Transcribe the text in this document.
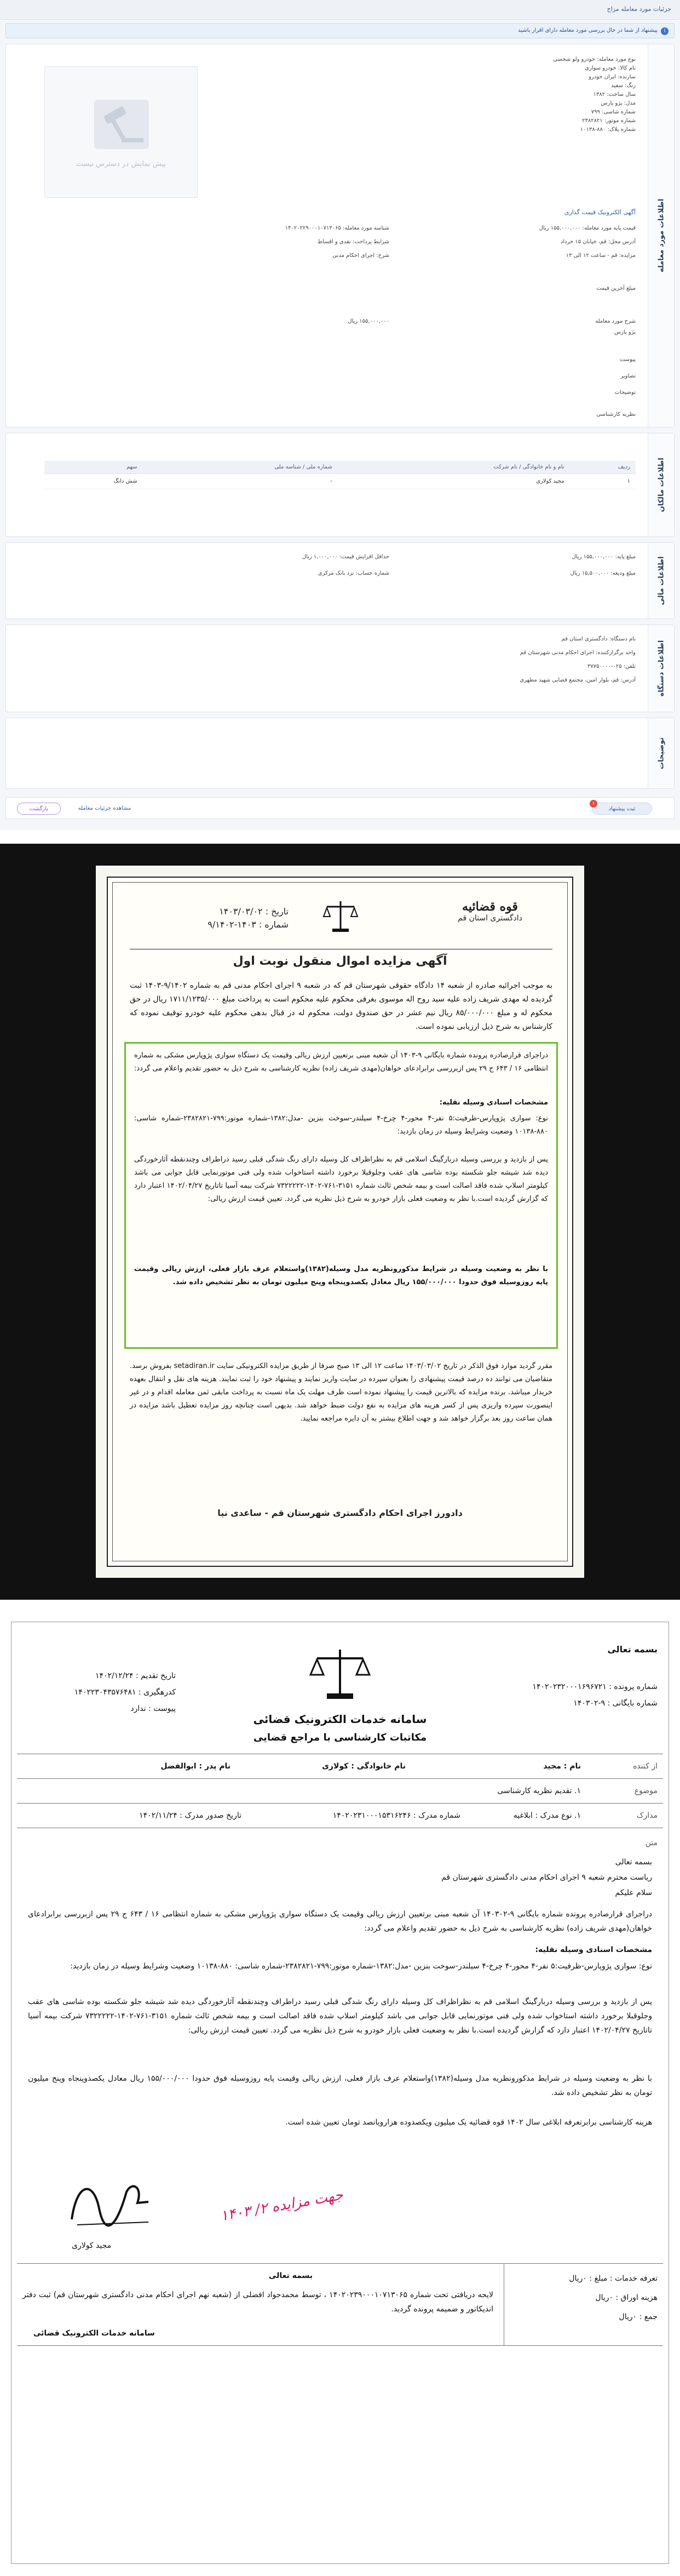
جزئیات مورد معامله مزاح
i
پیشنهاد از شما در حال بررسی مورد معامله دارای اقرار باشید
اطلاعات مورد معامله
نوع مورد معامله: خودرو ولو شخصی
نام کالا: خودرو سواری
سازنده: ایران خودرو
رنگ: سفید
سال ساخت: ۱۳۸۲
مدل: پژو پارس
شماره شاسی: ۷۹۹
شماره موتور: ۲۳۸۲۸۲۱
شماره پلاک: ۸۸۰-۱۰۱۳۸
پیش نمایش در دسترس نیست
آگهی الکترونیک قیمت گذاری
قیمت پایه مورد معامله: ۱۵۵,۰۰۰,۰۰۰ ریال
شناسه مورد معامله: ۱۴۰۲۰۲۲۹۰۰۰۱۰۷۱۳۰۶۵
آدرس محل: قم، خیابان ۱۵ خرداد
شرایط پرداخت: نقدی و اقساط
مزایده: قم - ساعت ۱۲ الی ۱۳
شرح: اجرای احکام مدنی
مبلغ آخرین قیمت
۱۵۵,۰۰۰,۰۰۰ ریال	شرح مورد معامله
پژو پارس
پیوست
تصاویر
توضیحات
نظریه کارشناسی
اطلاعات مالکان
ردیف	نام و نام خانوادگی / نام شرکت	شماره ملی / شناسه ملی	سهم
۱	مجید کولاری	-	شش دانگ
اطلاعات مالی
مبلغ پایه: ۱۵۵,۰۰۰,۰۰۰ ریال
حداقل افزایش قیمت: ۱,۰۰۰,۰۰۰ ریال
مبلغ ودیعه: ۱۵,۵۰۰,۰۰۰ ریال
شماره حساب: نزد بانک مرکزی
اطلاعات دستگاه
نام دستگاه: دادگستری استان قم
واحد برگزارکننده: اجرای احکام مدنی شهرستان قم
تلفن: ۰۲۵-۳۷۷۵۰۰۰۰
آدرس: قم، بلوار امین، مجتمع قضایی شهید مطهری
توضیحات
ثبت پیشنهاد
۱
مشاهده جزئیات معامله
بازگشت
قوه قضائیه
دادگستری استان قم
تاریخ : ۱۴۰۳/۰۳/۰۲
شماره : ۱۴۰۳-۹/۱۴۰۲
آگهی مزایده اموال منقول نوبت اول
به موجب اجرائیه صادره از شعبه ۱۴ دادگاه حقوقی شهرستان قم که در شعبه ۹ اجرای احکام مدنی قم به شماره ۹/۱۴۰۲-۱۴۰۳ ثبت گردیده له مهدی شریف زاده علیه سید روح اله موسوی بغرفی محکوم علیه محکوم است به پرداخت مبلغ ۱۷۱۱/۱۲۳۵/۰۰۰ ریال در حق محکوم له و مبلغ ۸۵/۰۰۰/۰۰۰ ریال نیم عشر در حق صندوق دولت، محکوم له در قبال بدهی محکوم علیه خودرو توقیف نموده که کارشناس به شرح ذیل ارزیابی نموده است.
دراجرای قرارصادره پرونده شماره بایگانی ۹-۱۴۰۳ آن شعبه مبنی برتعیین ارزش ریالی وقیمت یک دستگاه سواری پژوپارس مشکی به شماره انتظامی ۱۶ / ۶۴۳ ج ۲۹ پس ازبررسی برابرادعای خواهان(مهدی شریف زاده) نظریه کارشناسی به شرح ذیل به حضور تقدیم واعلام می گردد:
مشخصات اسنادی وسیله نقلیه:
نوع: سواری پژوپارس-ظرفیت:۵ نفر-۴ محور-۴ چرخ-۴ سیلندر-سوخت بنزین -مدل:۱۳۸۲-شماره موتور:۷۹۹-۲۳۸۲۸۲۱-شماره شاسی: ۸۸۰-۱۰۱۳۸ وضعیت وشرایط وسیله در زمان بازدید:
پس از بازدید و بررسی وسیله دربارگینگ اسلامی قم به نظراظراف کل وسیله دارای رنگ شدگی قبلی رسید دراطراف وچندنقطه آثارخوردگی دیده شد شیشه جلو شکسته بوده شاسی های عقب وجلوقبلا برخورد داشته استاخواب شده ولی فنی موتورنمایی قابل جوابی می باشد کیلومتر اسلاپ شده فاقد اصالت است و بیمه شخص ثالث شماره ۳۱۵۱-۷۶۱-۱۴۰۲-۷۳۲۲۲۲۲ شرکت بیمه آسیا تاتاریخ ۱۴۰۲/۰۴/۲۷ اعتبار دارد که گزارش گردیده است.با نظر به وضعیت فعلی بازار خودرو به شرح ذیل نظریه می گردد. تعیین قیمت ارزش ریالی:
با نظر به وضعیت وسیله در شرایط مذکورونظریه مدل وسیله(۱۳۸۲)واستعلام عرف بازار فعلی، ارزش ریالی وقیمت پایه روزوسیله فوق حدودا ۱۵۵/۰۰۰/۰۰۰ ریال معادل یکصدوپنجاه وپنج میلیون تومان به نظر تشخیص داده شد.
مقرر گردید موارد فوق الذکر در تاریخ ۱۴۰۳/۰۳/۰۲ ساعت ۱۲ الی ۱۳ صبح صرفا از طریق مزایده الکترونیکی سایت setadiran.ir بفروش برسد. متقاضیان می توانند ده درصد قیمت پیشنهادی را بعنوان سپرده در سایت واریز نمایند و پیشنهاد خود را ثبت نمایند. هزینه های نقل و انتقال بعهده خریدار میباشد. برنده مزایده که بالاترین قیمت را پیشنهاد نموده است ظرف مهلت یک ماه نسبت به پرداخت مابقی ثمن معامله اقدام و در غیر اینصورت سپرده واریزی پس از کسر هزینه های مزایده به نفع دولت ضبط خواهد شد. بدیهی است چنانچه روز مزایده تعطیل باشد مزایده در همان ساعت روز بعد برگزار خواهد شد و جهت اطلاع بیشتر به آن دایره مراجعه نمایید.
دادورز اجرای احکام دادگستری شهرستان قم - ساعدی نیا
بسمه تعالی
شماره پرونده : ۱۴۰۲۰۲۳۲۰۰۰۱۶۹۶۷۲۱
شماره بایگانی : ۹-۱۴۰۳۰۲
سامانه خدمات الکترونیک قضائی
مکاتبات کارشناسی با مراجع قضایی
تاریخ تقدیم : ۱۴۰۲/۱۲/۲۴
کدرهگیری : ۱۴۰۲۲۳۰۴۳۵۷۶۴۸۱
پیوست : ندارد
از کننده
نام : مجید
نام خانوادگی : کولاری
نام پدر : ابوالفضل
موضوع
۱. تقدیم نظریه کارشناسی
مدارک
۱. نوع مدرک : ابلاغیه
شماره مدرک : ۱۴۰۲۰۲۳۱۰۰۰۱۵۳۱۶۲۴۶
تاریخ صدور مدرک : ۱۴۰۲/۱۱/۲۴
متن
بسمه تعالی
ریاست محترم شعبه ۹ اجرای احکام مدنی دادگستری شهرستان قم
سلام علیکم
دراجرای قرارصادره پرونده شماره بایگانی ۹-۱۴۰۳۰۲ آن شعبه مبنی برتعیین ارزش ریالی وقیمت یک دستگاه سواری پژوپارس مشکی به شماره انتظامی ۱۶ / ۶۴۳ ج ۲۹ پس ازبررسی برابرادعای خواهان(مهدی شریف زاده) نظریه کارشناسی به شرح ذیل به حضور تقدیم واعلام می گردد:
مشخصات اسنادی وسیله نقلیه:
نوع: سواری پژوپارس-ظرفیت:۵ نفر-۴ محور-۴ چرخ-۴ سیلندر-سوخت بنزین -مدل:۱۳۸۲-شماره موتور:۷۹۹-۲۳۸۲۸۲۱-شماره شاسی: ۸۸۰-۱۰۱۳۸ وضعیت وشرایط وسیله در زمان بازدید:
پس از بازدید و بررسی وسیله دربارگینگ اسلامی قم به نظراظراف کل وسیله دارای رنگ شدگی قبلی رسید دراطراف وچندنقطه آثارخوردگی دیده شد شیشه جلو شکسته بوده شاسی های عقب وجلوقبلا برخورد داشته استاخواب شده ولی فنی موتورنمایی قابل جوابی می باشد کیلومتر اسلاپ شده فاقد اصالت است و بیمه شخص ثالث شماره ۳۱۵۱-۷۶۱-۱۴۰۲-۷۳۲۲۲۲۲ شرکت بیمه آسیا تاتاریخ ۱۴۰۲/۰۴/۲۷ اعتبار دارد که گزارش گردیده است.با نظر به وضعیت فعلی بازار خودرو به شرح ذیل نظریه می گردد. تعیین قیمت ارزش ریالی:
با نظر به وضعیت وسیله در شرایط مذکورونظریه مدل وسیله(۱۳۸۲)واستعلام عرف بازار فعلی، ارزش ریالی وقیمت پایه روزوسیله فوق حدودا ۱۵۵/۰۰۰/۰۰۰ ریال معادل یکصدوپنجاه وپنج میلیون تومان به نظر تشخیص داده شد.
هزینه کارشناسی برابرتعرفه ابلاغی سال ۱۴۰۲ قوه قضائیه یک میلیون ویکصدوده هزارویانصد تومان تعیین شده است.
مجید کولاری
جهت مزایده ۲/ ۱۴۰۳
تعرفه خدمات : مبلغ : ۰ریال
هزینه اوراق : ۰ریال
جمع : ۰ریال
بسمه تعالی
لایحه دریافتی تحت شماره ۱۴۰۲۰۲۳۹۰۰۰۱۰۷۱۳۰۶۵ ، توسط محمدجواد افضلی از (شعبه نهم اجرای احکام مدنی دادگستری شهرستان قم) ثبت دفتر اندیکاتور و ضمیمه پرونده گردید.
سامانه خدمات الکترونیک قضائی
